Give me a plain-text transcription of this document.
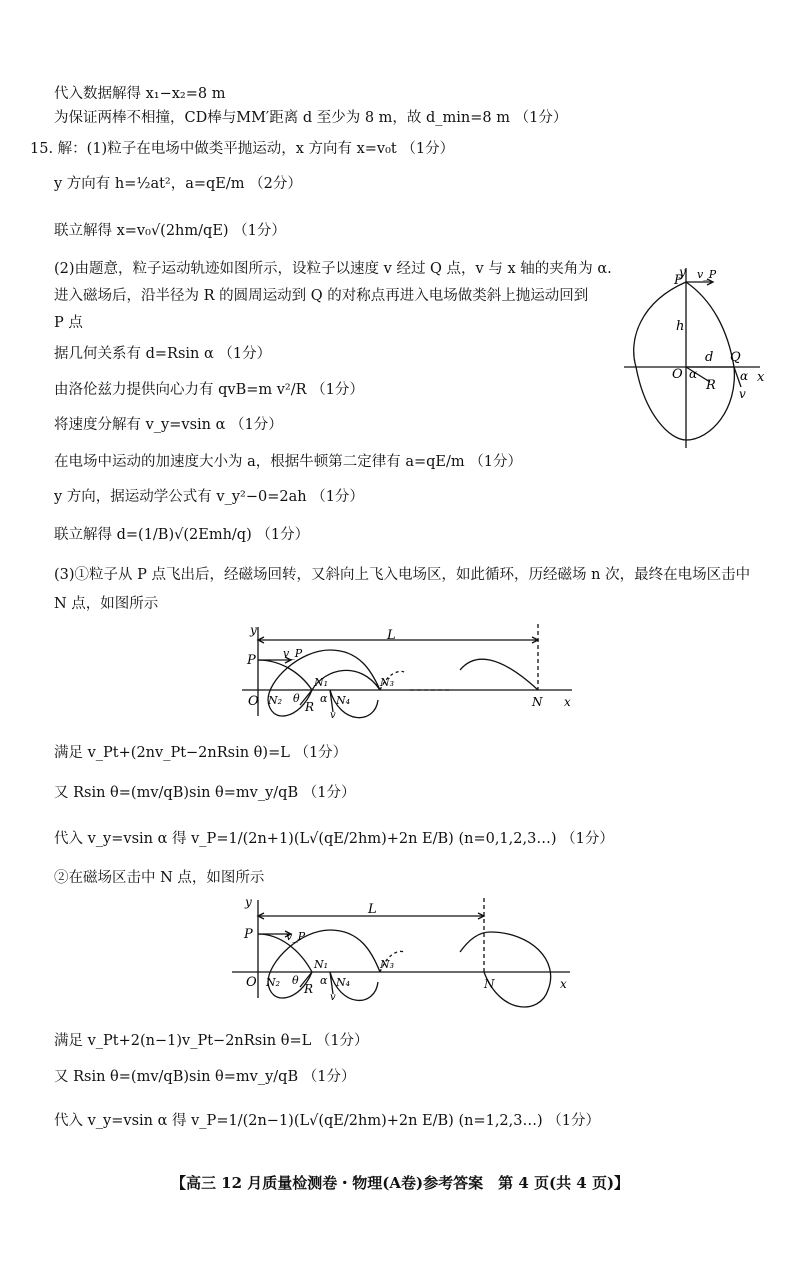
代入数据解得 x₁−x₂=8 m
为保证两棒不相撞，CD棒与MM′距离 d 至少为 8 m，故 d_min=8 m （1分）
15. 解：(1)粒子在电场中做类平抛运动，x 方向有 x=v₀t （1分）
y 方向有 h=½at²，a=qE/m （2分）
联立解得 x=v₀√(2hm/qE) （1分）
(2)由题意，粒子运动轨迹如图所示，设粒子以速度 v 经过 Q 点，v 与 x 轴的夹角为 α.
进入磁场后，沿半径为 R 的圆周运动到 Q 的对称点再进入电场做类斜上抛运动回到
P 点
据几何关系有 d=Rsin α （1分）
由洛伦兹力提供向心力有 qvB=m v²/R （1分）
将速度分解有 v_y=vsin α （1分）
在电场中运动的加速度大小为 a，根据牛顿第二定律有 a=qE/m （1分）
y 方向，据运动学公式有 v_y²−0=2ah （1分）
联立解得 d=(1/B)√(2Emh/q) （1分）
(3)①粒子从 P 点飞出后，经磁场回转，又斜向上飞入电场区，如此循环，历经磁场 n 次，最终在电场区击中
N 点，如图所示
满足 v_Pt+(2nv_Pt−2nRsin θ)=L （1分）
又 Rsin θ=(mv/qB)sin θ=mv_y/qB （1分）
代入 v_y=vsin α 得 v_P=1/(2n+1)(L√(qE/2hm)+2n E/B) (n=0,1,2,3…) （1分）
②在磁场区击中 N 点，如图所示
满足 v_Pt+2(n−1)v_Pt−2nRsin θ=L （1分）
又 Rsin θ=(mv/qB)sin θ=mv_y/qB （1分）
代入 v_y=vsin α 得 v_P=1/(2n−1)(L√(qE/2hm)+2n E/B) (n=1,2,3…) （1分）
y
P v_P
h
d Q
O α	α
R
x
v
y	L
P v_P
N₁	N₃
O N₂ θ
R
α N₄
v
N x
y	L
P	v_P
N₁	N₃
O N₂ θ
R
α N₄
v
N	x
【高三 12 月质量检测卷・物理(A卷)参考答案　第 4 页(共 4 页)】
